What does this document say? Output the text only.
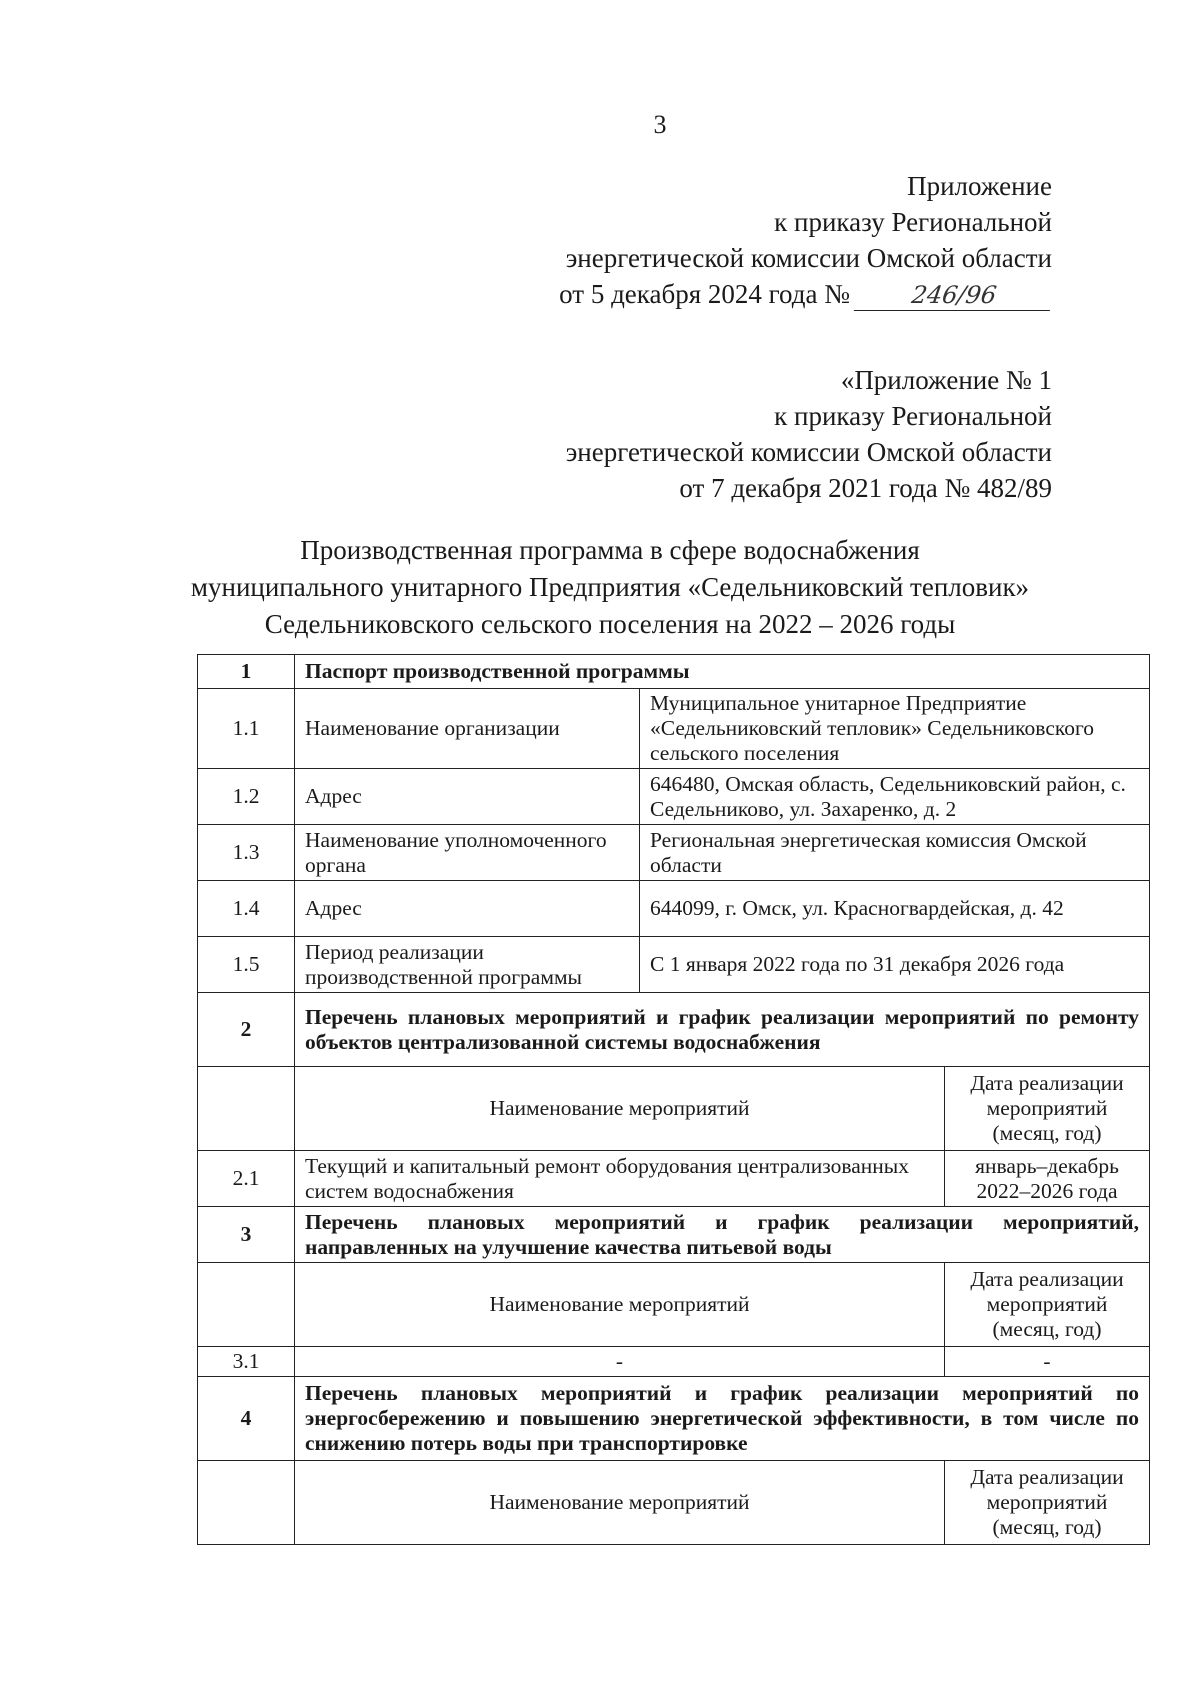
3
Приложение
к приказу Региональной
энергетической комиссии Омской области
от 5 декабря 2024 года № 246/96
«Приложение № 1
к приказу Региональной
энергетической комиссии Омской области
от 7 декабря 2021 года № 482/89
Производственная программа в сфере водоснабжения
муниципального унитарного Предприятия «Седельниковский тепловик»
Седельниковского сельского поселения на 2022 – 2026 годы
1	Паспорт производственной программы		
1.1	Наименование организации	Муниципальное унитарное Предприятие «Седельниковский тепловик» Седельниковского сельского поселения	
1.2	Адрес	646480, Омская область, Седельниковский район, с. Седельниково, ул. Захаренко, д. 2	
1.3	Наименование уполномоченного органа	Региональная энергетическая комиссия Омской области	
1.4	Адрес	644099, г. Омск, ул. Красногвардейская, д. 42	
1.5	Период реализации производственной программы	С 1 января 2022 года по 31 декабря 2026 года	
2	Перечень плановых мероприятий и график реализации мероприятий по ремонту объектов централизованной системы водоснабжения		
	Наименование мероприятий		Дата реализации мероприятий (месяц, год)
2.1	Текущий и капитальный ремонт оборудования централизованных систем водоснабжения		январь–декабрь 2022–2026 года
3	Перечень плановых мероприятий и график реализации мероприятий, направленных на улучшение качества питьевой воды		
	Наименование мероприятий		Дата реализации мероприятий (месяц, год)
3.1	-		-
4	Перечень плановых мероприятий и график реализации мероприятий по энергосбережению и повышению энергетической эффективности, в том числе по снижению потерь воды при транспортировке		
	Наименование мероприятий		Дата реализации мероприятий (месяц, год)
